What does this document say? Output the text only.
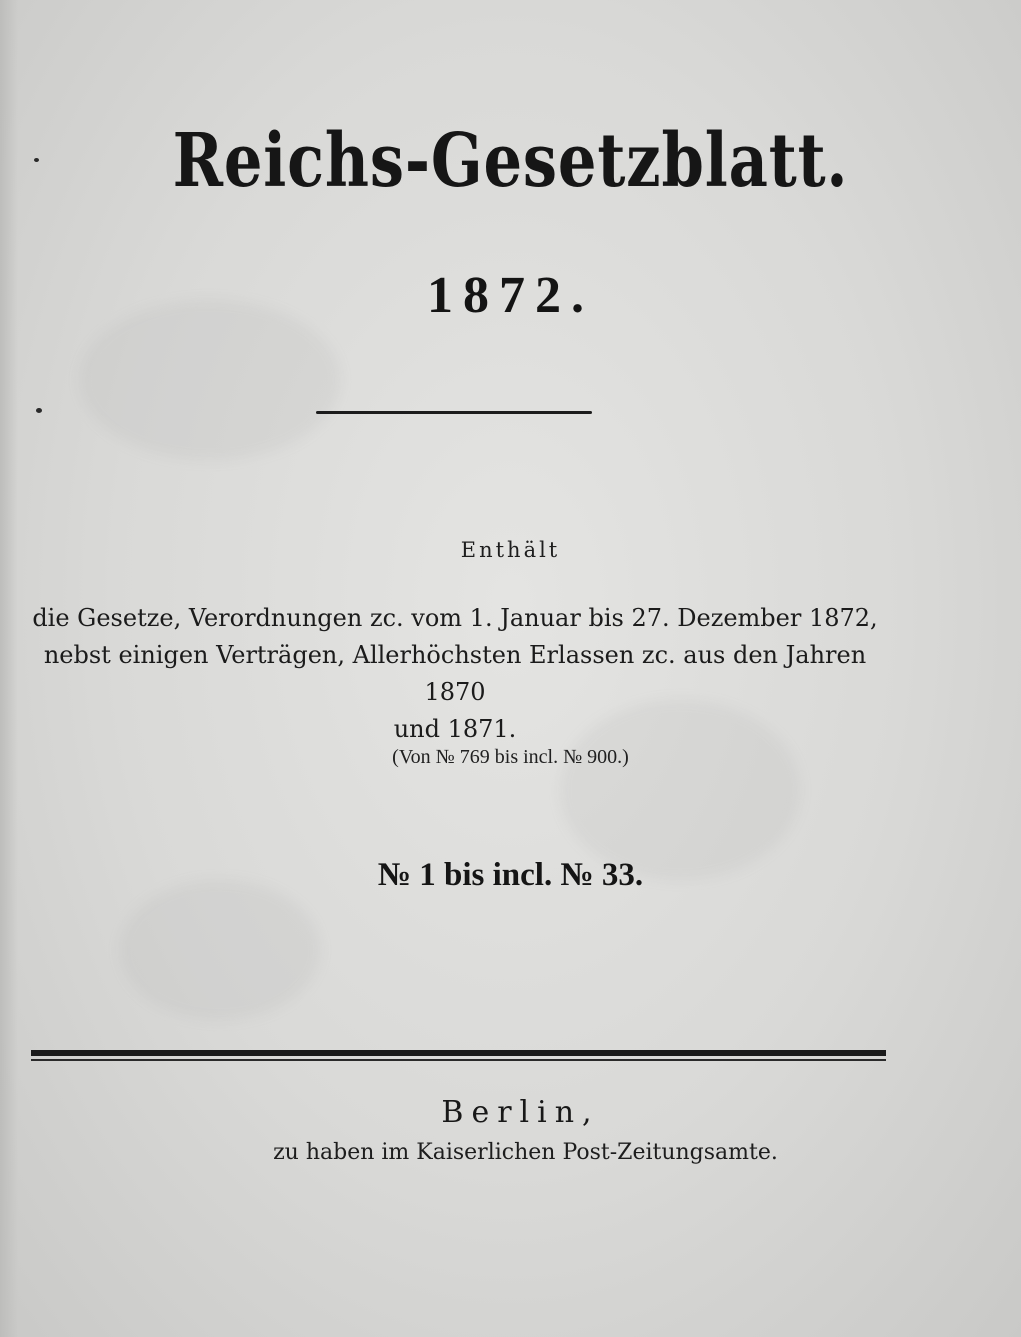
Reichs-Gesetzblatt.
1872.
Enthält
die Gesetze, Verordnungen zc. vom 1. Januar bis 27. Dezember 1872,
nebst einigen Verträgen, Allerhöchsten Erlassen zc. aus den Jahren 1870
und 1871.
(Von № 769 bis incl. № 900.)
№ 1 bis incl. № 33.
Berlin,
zu haben im Kaiserlichen Post-Zeitungsamte.
